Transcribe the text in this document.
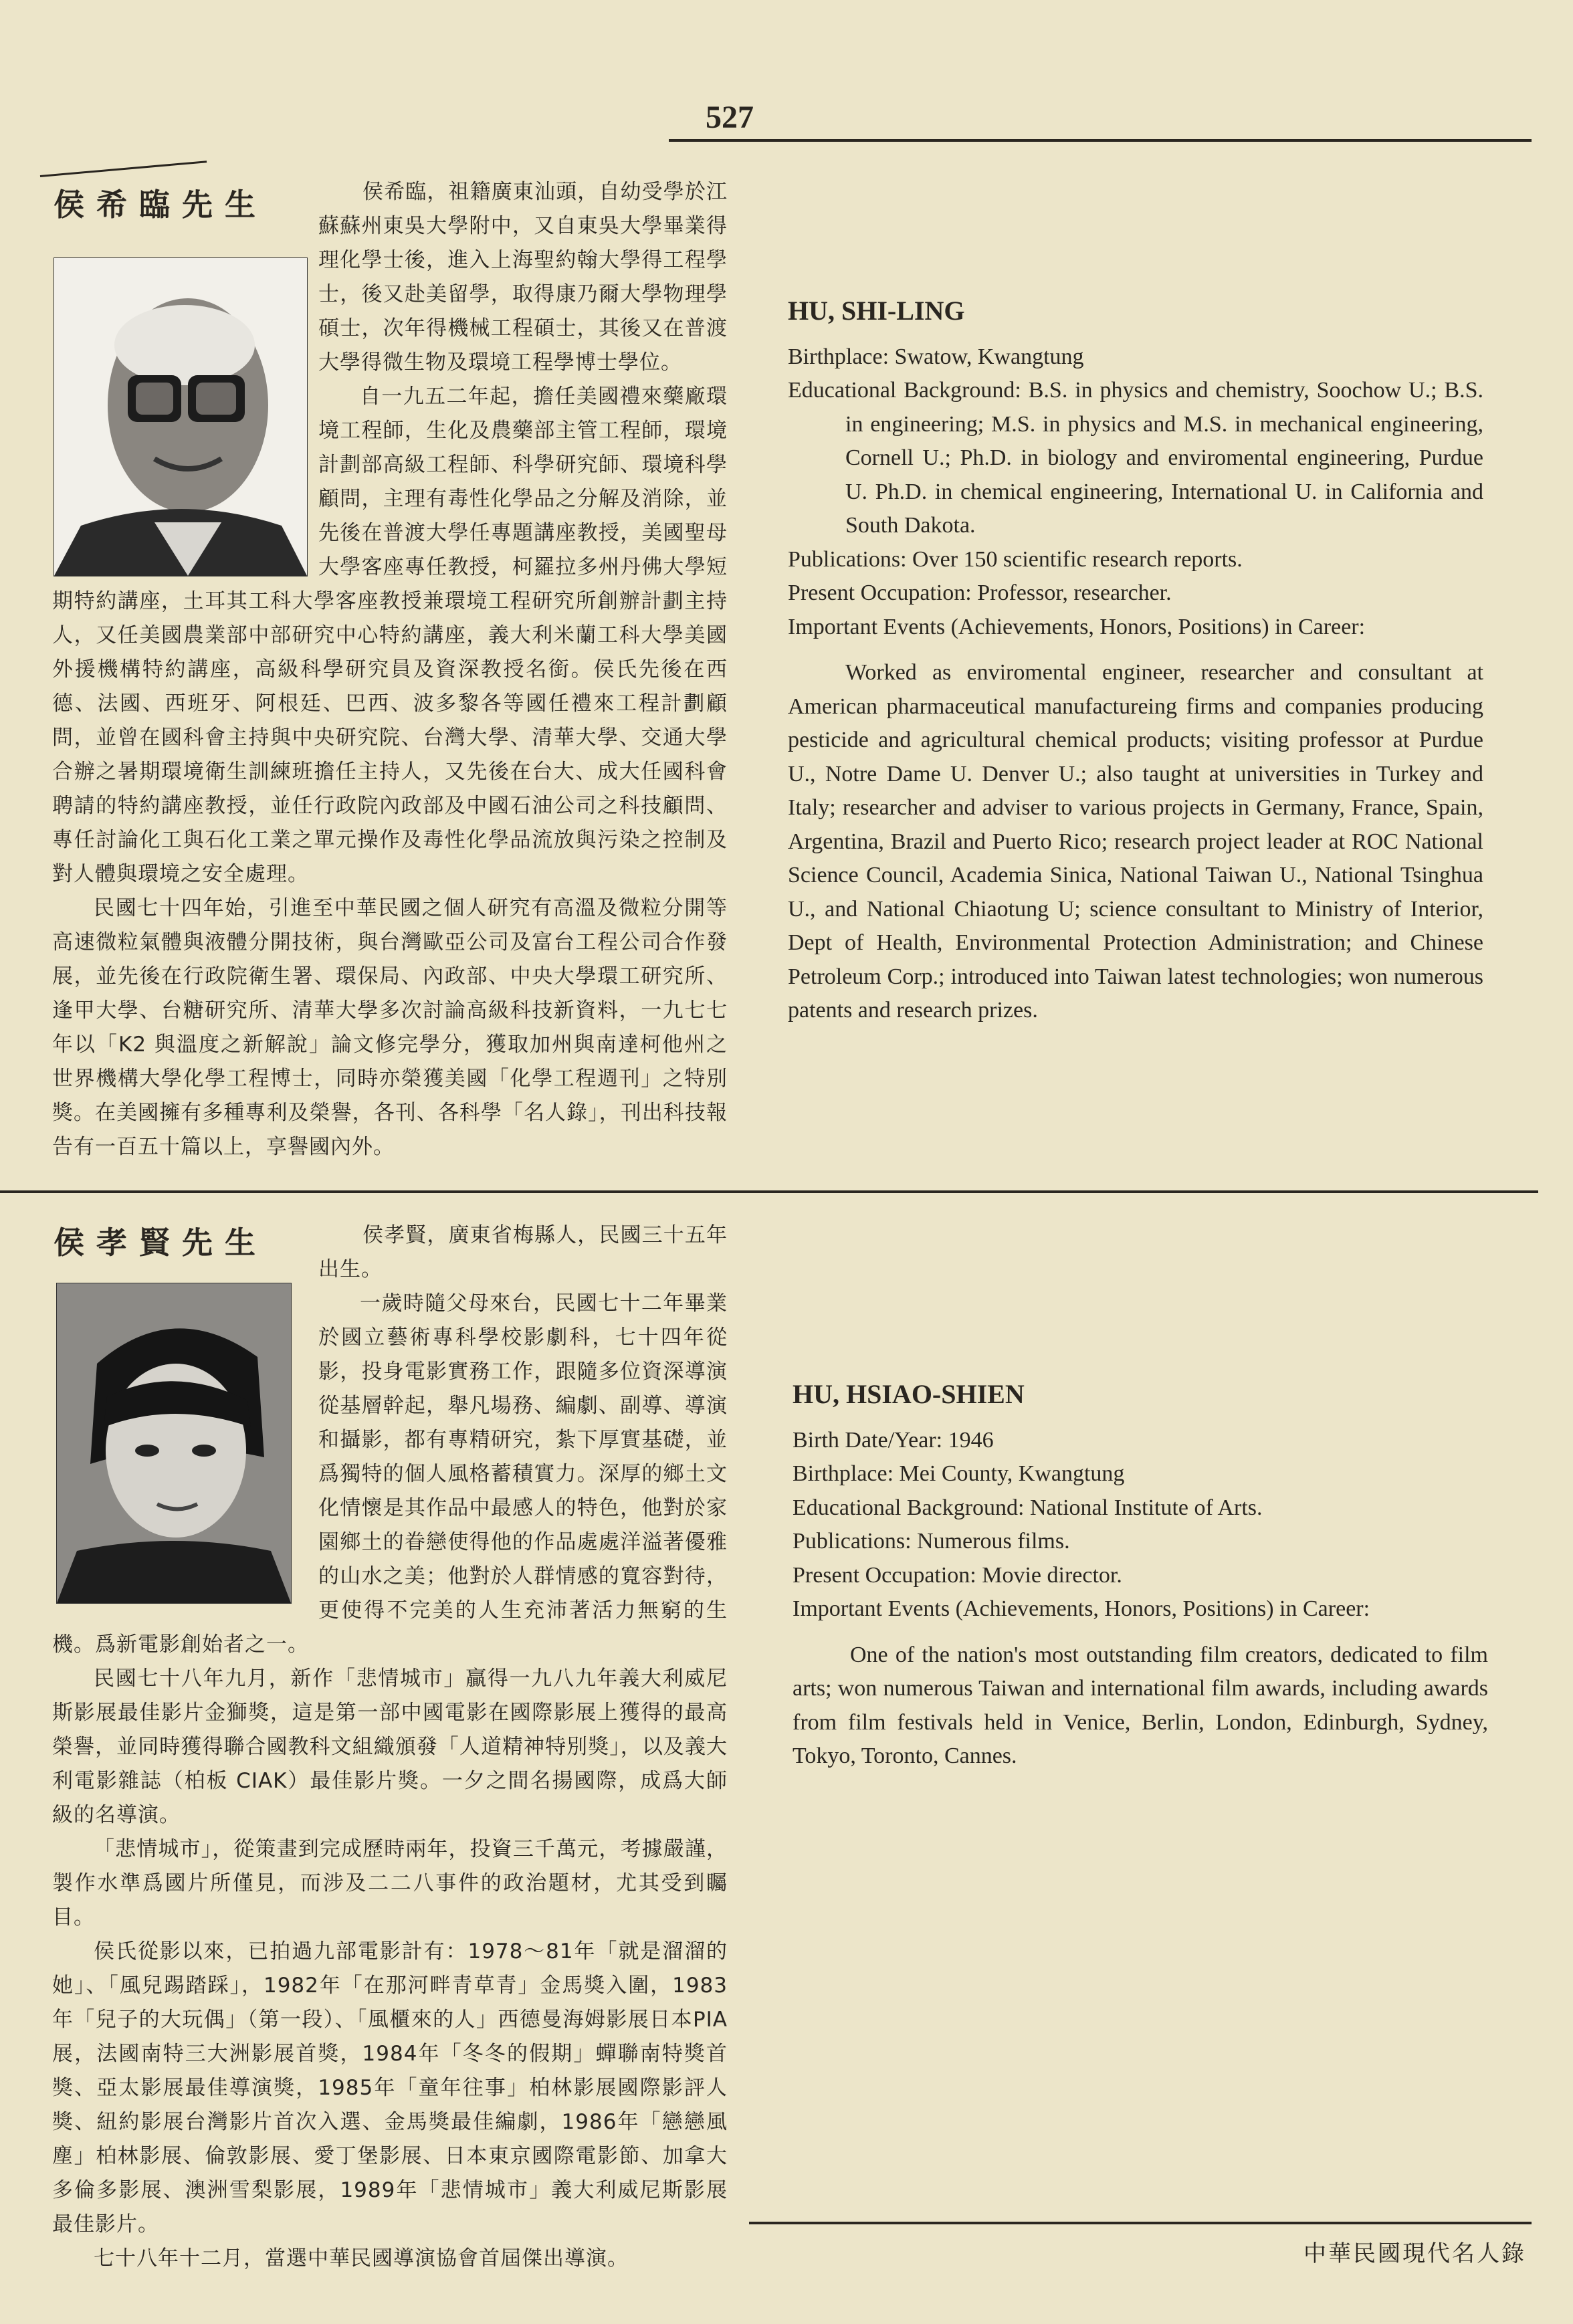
527
侯希臨先生	侯希臨，祖籍廣東汕頭，自幼受學於江蘇蘇州東吳大學附中，又自東吳大學畢業得理化學士後，進入上海聖約翰大學得工程學士，後又赴美留學，取得康乃爾大學物理學碩士，次年得機械工程碩士，其後又在普渡大學得微生物及環境工程學博士學位。

自一九五二年起，擔任美國禮來藥廠環境工程師，生化及農藥部主管工程師，環境計劃部高級工程師、科學研究師、環境科學顧問，主理有毒性化學品之分解及消除，並先後在普渡大學任專題講座教授，美國聖母大學客座專任教授，柯羅拉多州丹佛大學短期特約講座，土耳其工科大學客座教授兼環境工程研究所創辦計劃主持人，又任美國農業部中部研究中心特約講座，義大利米蘭工科大學美國外援機構特約講座，高級科學研究員及資深教授名銜。侯氏先後在西德、法國、西班牙、阿根廷、巴西、波多黎各等國任禮來工程計劃顧問，並曾在國科會主持與中央研究院、台灣大學、清華大學、交通大學合辦之暑期環境衛生訓練班擔任主持人，又先後在台大、成大任國科會聘請的特約講座教授，並任行政院內政部及中國石油公司之科技顧問、專任討論化工與石化工業之單元操作及毒性化學品流放與污染之控制及對人體與環境之安全處理。

民國七十四年始，引進至中華民國之個人研究有高溫及微粒分開等高速微粒氣體與液體分開技術，與台灣歐亞公司及富台工程公司合作發展，並先後在行政院衛生署、環保局、內政部、中央大學環工研究所、逢甲大學、台糖研究所、清華大學多次討論高級科技新資料，一九七七年以「K2 與溫度之新解說」論文修完學分，獲取加州與南達柯他州之世界機構大學化學工程博士，同時亦榮獲美國「化學工程週刊」之特別獎。在美國擁有多種專利及榮譽，各刊、各科學「名人錄」，刊出科技報告有一百五十篇以上，享譽國內外。

HU, SHI-LING

Birthplace: Swatow, Kwangtung

Educational Background: B.S. in physics and chemistry, Soochow U.; B.S. in engineering; M.S. in physics and M.S. in mechanical engineering, Cornell U.; Ph.D. in biology and enviromental engineering, Purdue U. Ph.D. in chemical engineering, International U. in California and South Dakota.

Publications: Over 150 scientific research reports.

Present Occupation: Professor, researcher.

Important Events (Achievements, Honors, Positions) in Career:

Worked as enviromental engineer, researcher and consultant at American pharmaceutical manufactureing firms and companies producing pesticide and agricultural chemical products; visiting professor at Purdue U., Notre Dame U. Denver U.; also taught at universities in Turkey and Italy; researcher and adviser to various projects in Germany, France, Spain, Argentina, Brazil and Puerto Rico; research project leader at ROC National Science Council, Academia Sinica, National Taiwan U., National Tsinghua U., and National Chiaotung U; science consultant to Ministry of Interior, Dept of Health, Environmental Protection Administration; and Chinese Petroleum Corp.; introduced into Taiwan latest technologies; won numerous patents and research prizes.

侯孝賢先生	侯孝賢，廣東省梅縣人，民國三十五年出生。

一歲時隨父母來台，民國七十二年畢業於國立藝術專科學校影劇科，七十四年從影，投身電影實務工作，跟隨多位資深導演從基層幹起，舉凡場務、編劇、副導、導演和攝影，都有專精研究，紮下厚實基礎，並爲獨特的個人風格蓄積實力。深厚的鄉土文化情懷是其作品中最感人的特色，他對於家園鄉土的眷戀使得他的作品處處洋溢著優雅的山水之美；他對於人群情感的寬容對待，更使得不完美的人生充沛著活力無窮的生機。爲新電影創始者之一。

民國七十八年九月，新作「悲情城市」贏得一九八九年義大利威尼斯影展最佳影片金獅獎，這是第一部中國電影在國際影展上獲得的最高榮譽，並同時獲得聯合國教科文組織頒發「人道精神特別獎」，以及義大利電影雜誌（柏板 CIAK）最佳影片獎。一夕之間名揚國際，成爲大師級的名導演。

「悲情城市」，從策畫到完成歷時兩年，投資三千萬元，考據嚴謹，製作水準爲國片所僅見，而涉及二二八事件的政治題材，尤其受到矚目。

侯氏從影以來，已拍過九部電影計有：1978～81年「就是溜溜的她」、「風兒踢踏踩」，1982年「在那河畔青草青」金馬獎入圍，1983年「兒子的大玩偶」（第一段）、「風櫃來的人」西德曼海姆影展日本PIA展，法國南特三大洲影展首獎，1984年「冬冬的假期」蟬聯南特獎首獎、亞太影展最佳導演獎，1985年「童年往事」柏林影展國際影評人獎、紐約影展台灣影片首次入選、金馬獎最佳編劇，1986年「戀戀風塵」柏林影展、倫敦影展、愛丁堡影展、日本東京國際電影節、加拿大多倫多影展、澳洲雪梨影展，1989年「悲情城市」義大利威尼斯影展最佳影片。

七十八年十二月，當選中華民國導演協會首屆傑出導演。

HU, HSIAO-SHIEN

Birth Date/Year: 1946

Birthplace: Mei County, Kwangtung

Educational Background: National Institute of Arts.

Publications: Numerous films.

Present Occupation: Movie director.

Important Events (Achievements, Honors, Positions) in Career:

One of the nation's most outstanding film creators, dedicated to film arts; won numerous Taiwan and international film awards, including awards from film festivals held in Venice, Berlin, London, Edinburgh, Sydney, Tokyo, Toronto, Cannes.

中華民國現代名人錄
